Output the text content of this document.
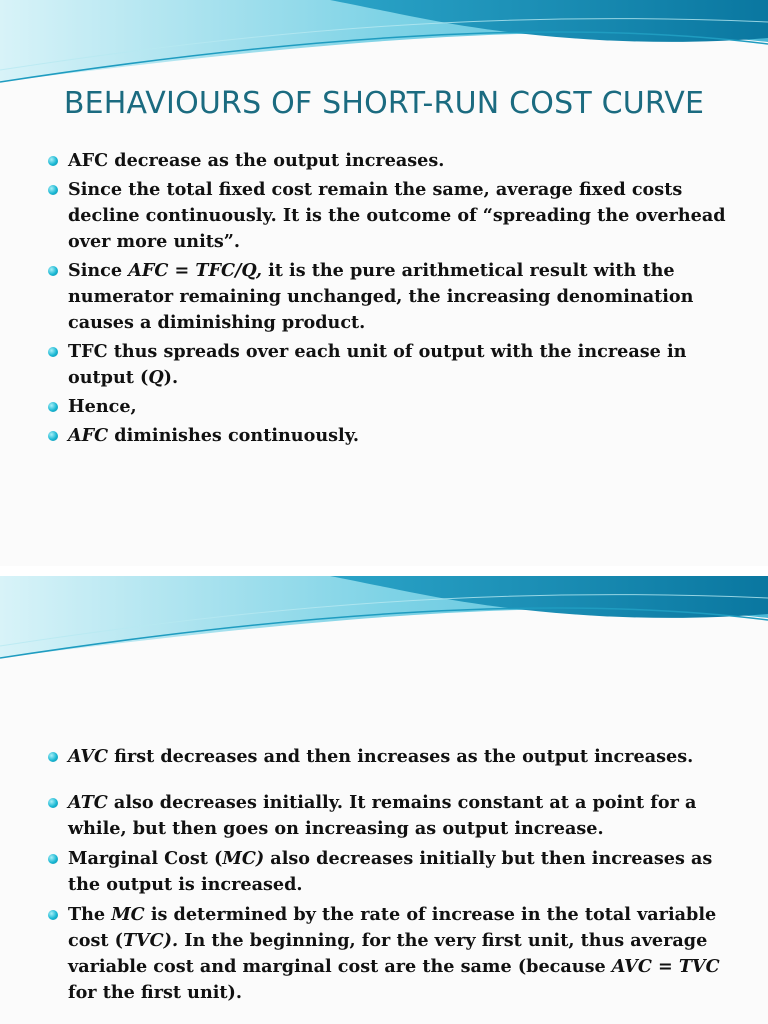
BEHAVIOURS OF SHORT-RUN COST CURVE
AFC decrease as the output increases.
Since the total fixed cost remain the same, average fixed costs decline continuously. It is the outcome of “spreading the overhead over more units”.
Since AFC = TFC/Q, it is the pure arithmetical result with the numerator remaining unchanged, the increasing denomination causes a diminishing product.
TFC thus spreads over each unit of output with the increase in output (Q).
Hence,
AFC diminishes continuously.
AVC first decreases and then increases as the output increases.
ATC also decreases initially. It remains constant at a point for a while, but then goes on increasing as output increase.
Marginal Cost (MC) also decreases initially but then increases as the output is increased.
The MC is determined by the rate of increase in the total variable cost (TVC). In the beginning, for the very first unit, thus average variable cost and marginal cost are the same (because AVC = TVC for the first unit).
